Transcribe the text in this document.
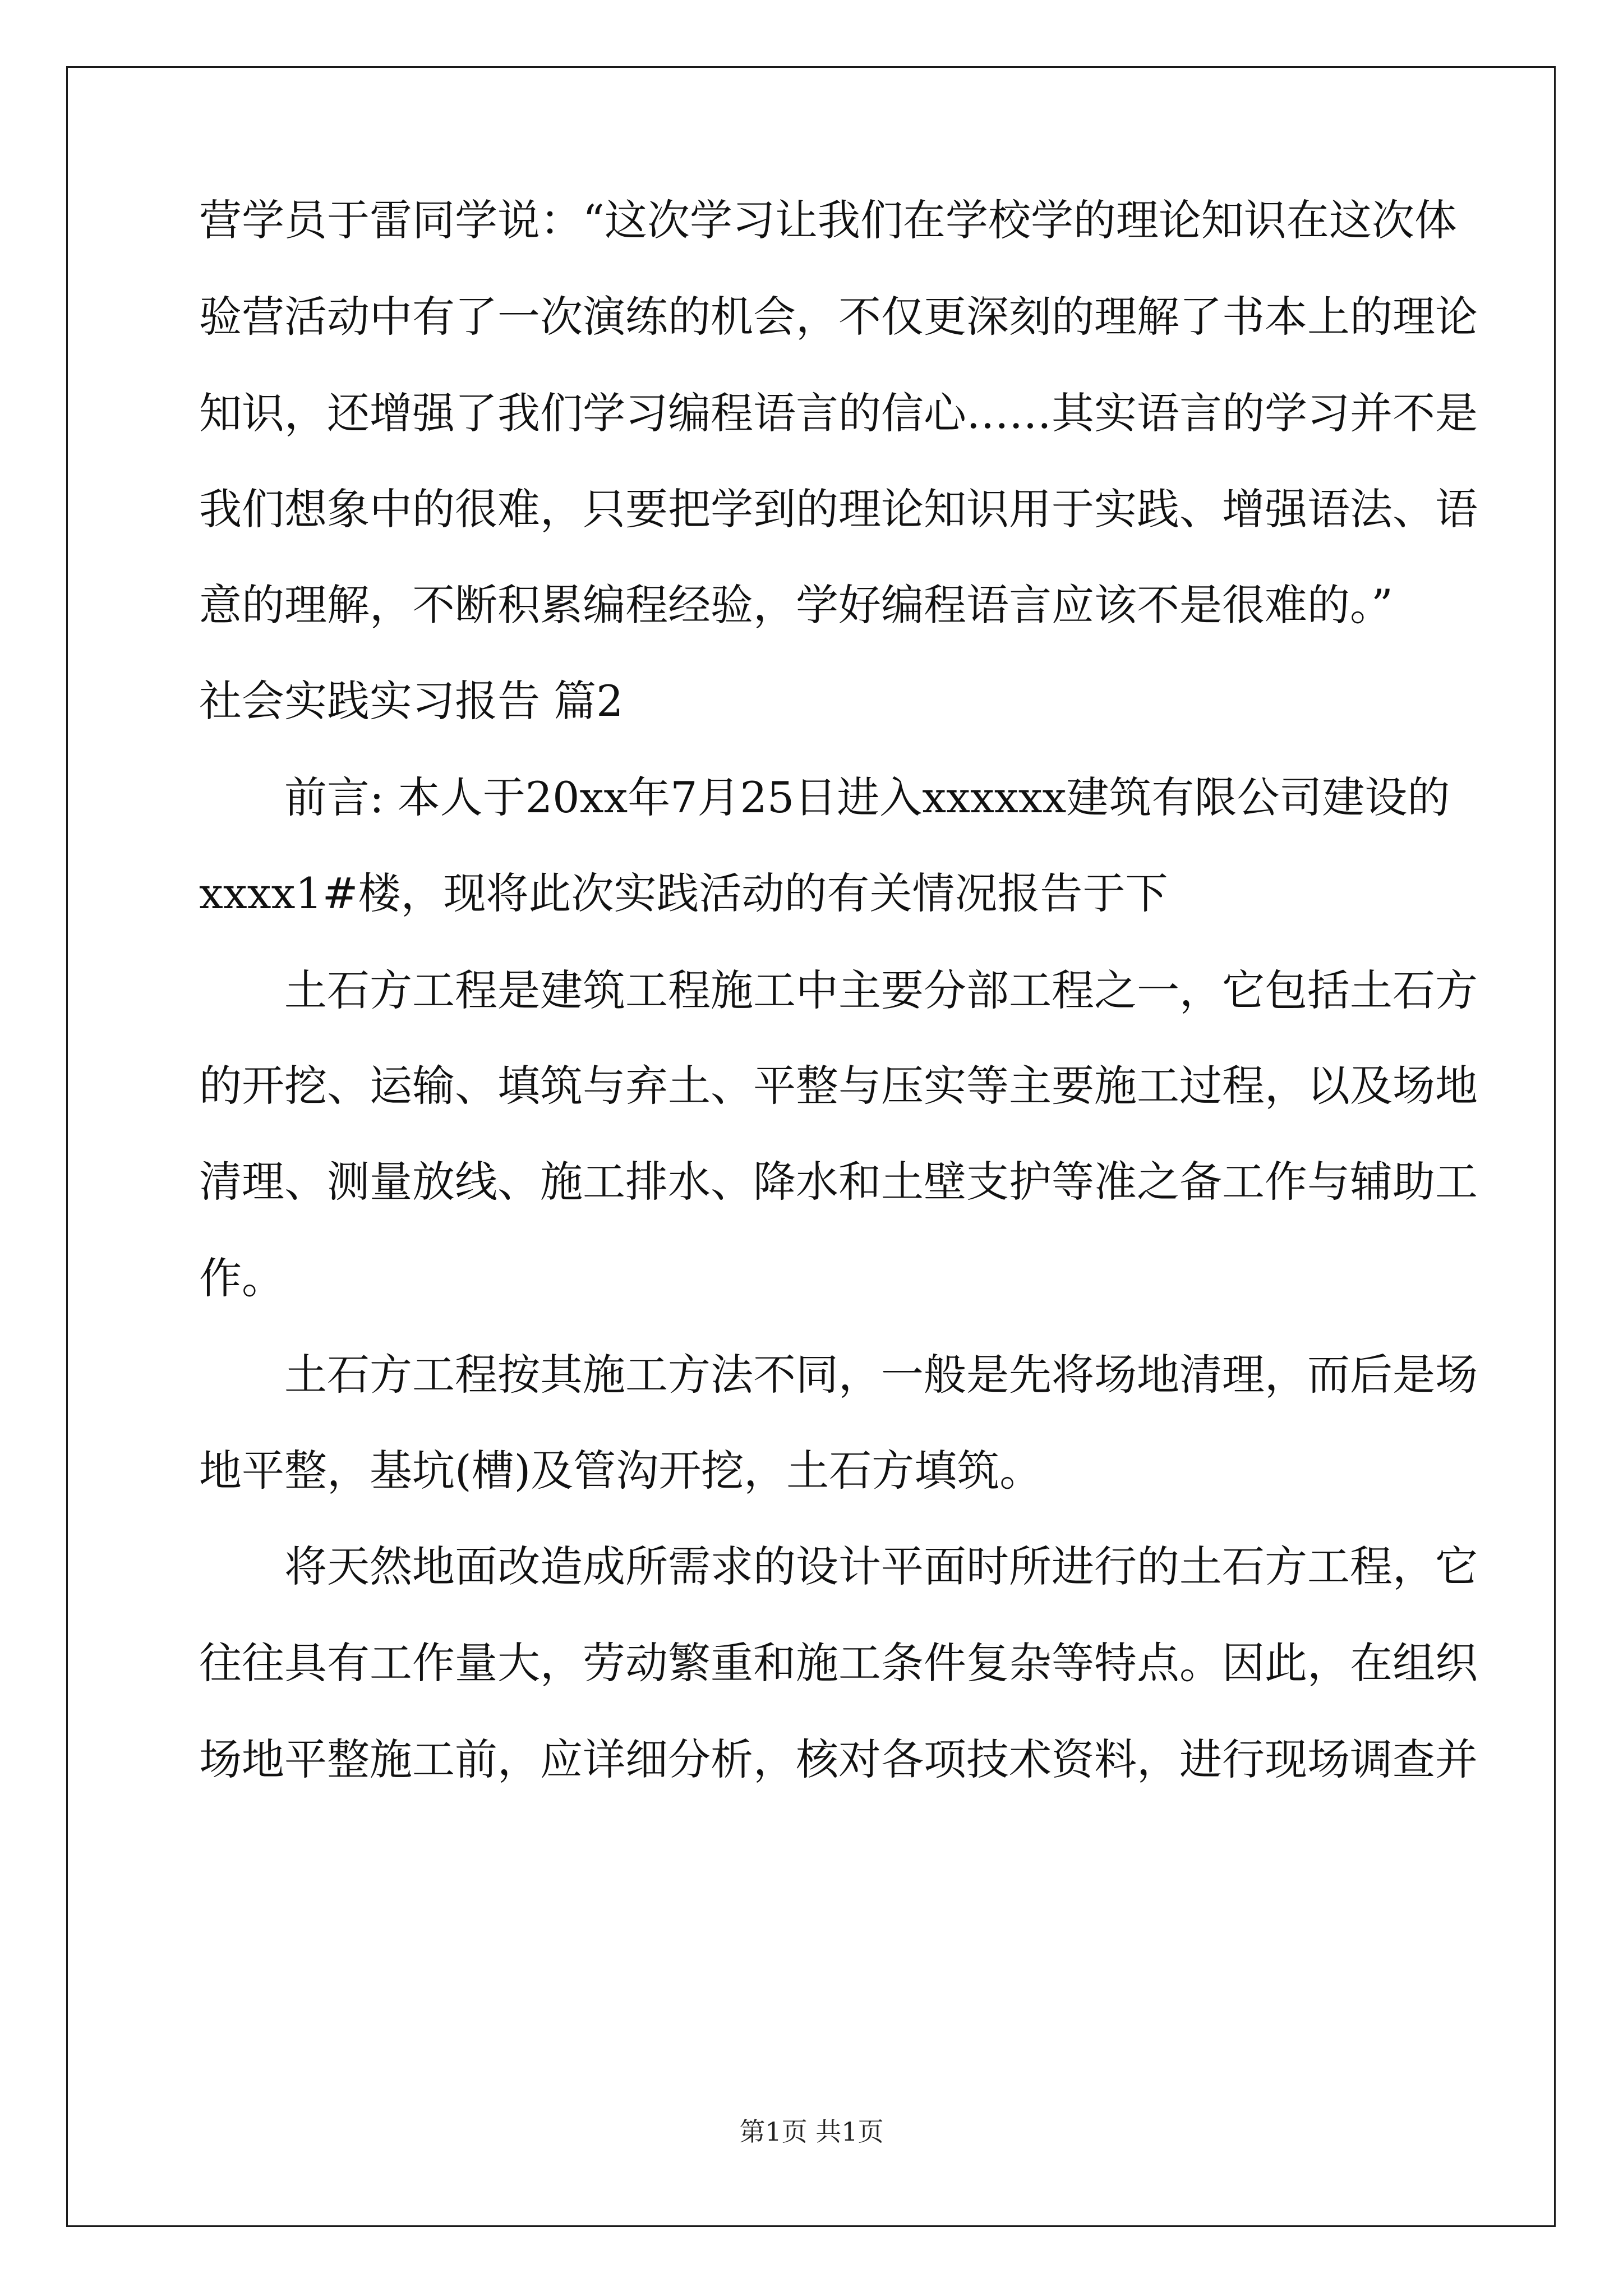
营学员于雷同学说：“这次学习让我们在学校学的理论知识在这次体
验营活动中有了一次演练的机会，不仅更深刻的理解了书本上的理论
知识，还增强了我们学习编程语言的信心……其实语言的学习并不是
我们想象中的很难，只要把学到的理论知识用于实践、增强语法、语
意的理解，不断积累编程经验，学好编程语言应该不是很难的。”
社会实践实习报告 篇2
前言: 本人于20xx年7月25日进入xxxxxx建筑有限公司建设的
xxxx1#楼，现将此次实践活动的有关情况报告于下
土石方工程是建筑工程施工中主要分部工程之一，它包括土石方
的开挖、运输、填筑与弃土、平整与压实等主要施工过程，以及场地
清理、测量放线、施工排水、降水和土壁支护等准之备工作与辅助工
作。
土石方工程按其施工方法不同，一般是先将场地清理，而后是场
地平整，基坑(槽)及管沟开挖，土石方填筑。
将天然地面改造成所需求的设计平面时所进行的土石方工程，它
往往具有工作量大，劳动繁重和施工条件复杂等特点。因此，在组织
场地平整施工前，应详细分析，核对各项技术资料，进行现场调查并
第1页 共1页
